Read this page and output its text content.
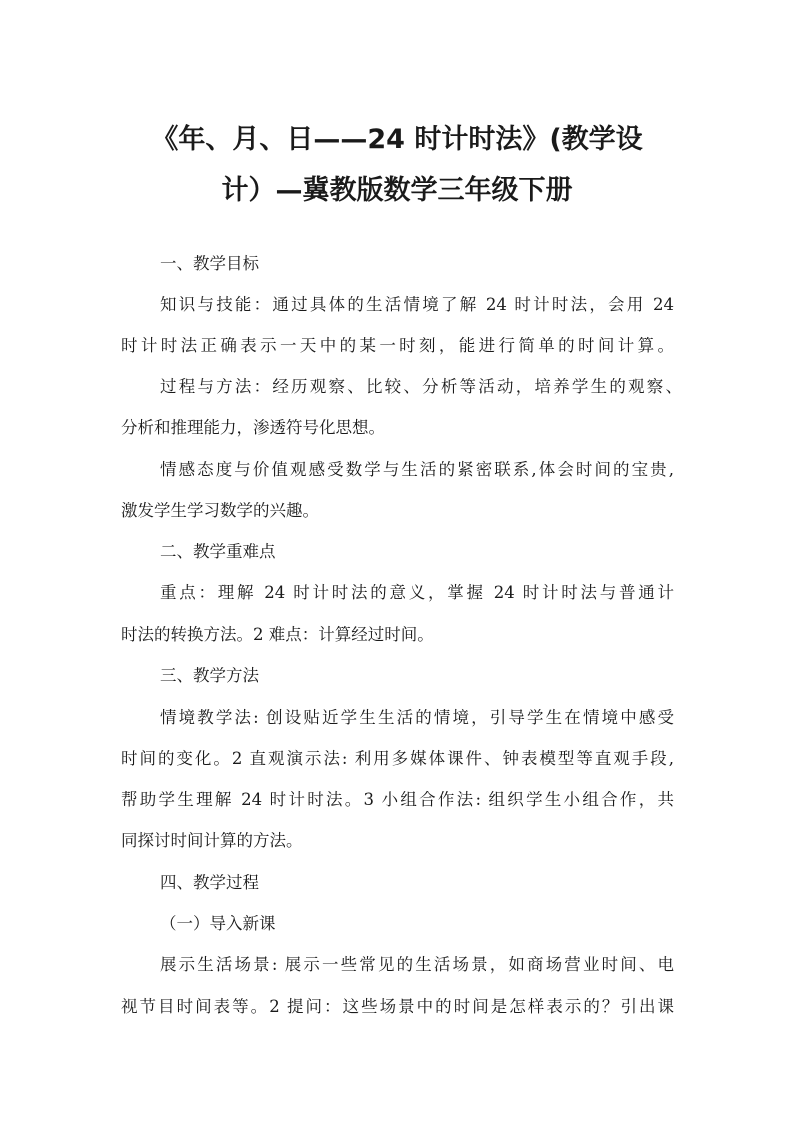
《年、月、日——24 时计时法》(教学设
计）—冀教版数学三年级下册
一、教学目标
知识与技能：通过具体的生活情境了解 24 时计时法，会用 24
时计时法正确表示一天中的某一时刻，能进行简单的时间计算。
过程与方法：经历观察、比较、分析等活动，培养学生的观察、
分析和推理能力，渗透符号化思想。
情感态度与价值观感受数学与生活的紧密联系,体会时间的宝贵,
激发学生学习数学的兴趣。
二、教学重难点
重点：理解 24 时计时法的意义，掌握 24 时计时法与普通计
时法的转换方法。2 难点：计算经过时间。
三、教学方法
情境教学法: 创设贴近学生生活的情境，引导学生在情境中感受
时间的变化。2 直观演示法: 利用多媒体课件、钟表模型等直观手段,
帮助学生理解 24 时计时法。3 小组合作法: 组织学生小组合作，共
同探讨时间计算的方法。
四、教学过程
（一）导入新课
展示生活场景: 展示一些常见的生活场景，如商场营业时间、电
视节目时间表等。2 提问：这些场景中的时间是怎样表示的？引出课
